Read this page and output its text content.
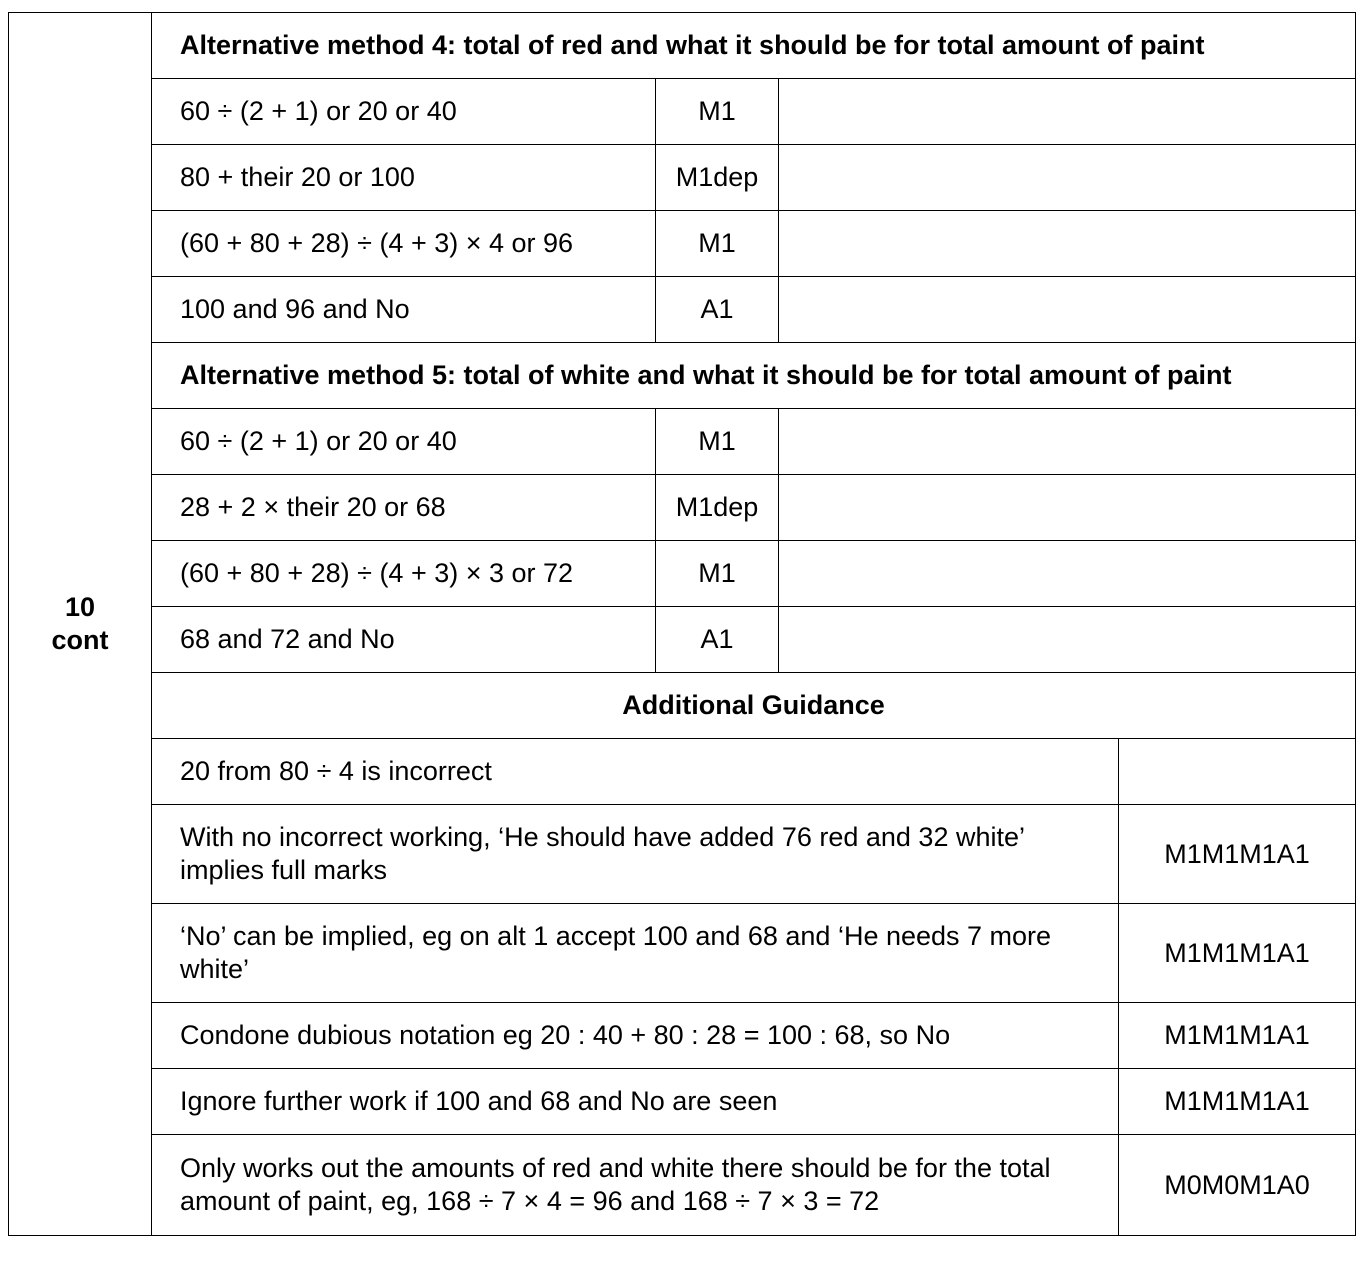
10
cont	Alternative method 4: total of red and what it should be for total amount of paint			
	60 ÷ (2 + 1) or 20 or 40	M1		
	80 + their 20 or 100	M1dep		
	(60 + 80 + 28) ÷ (4 + 3) × 4 or 96	M1		
	100 and 96 and No	A1		
	Alternative method 5: total of white and what it should be for total amount of paint			
	60 ÷ (2 + 1) or 20 or 40	M1		
	28 + 2 × their 20 or 68	M1dep		
	(60 + 80 + 28) ÷ (4 + 3) × 3 or 72	M1		
	68 and 72 and No	A1		
	Additional Guidance			
	20 from 80 ÷ 4 is incorrect			
	With no incorrect working, ‘He should have added 76 red and 32 white’ implies full marks			M1M1M1A1
	‘No’ can be implied, eg on alt 1 accept 100 and 68 and ‘He needs 7 more white’			M1M1M1A1
	Condone dubious notation eg 20 : 40 + 80 : 28 = 100 : 68, so No			M1M1M1A1
	Ignore further work if 100 and 68 and No are seen			M1M1M1A1
	Only works out the amounts of red and white there should be for the total amount of paint, eg, 168 ÷ 7 × 4 = 96 and 168 ÷ 7 × 3 = 72			M0M0M1A0
